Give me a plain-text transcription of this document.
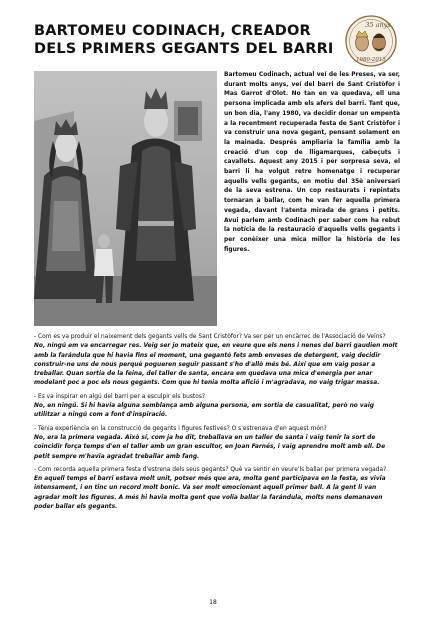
BARTOMEU CODINACH, CREADOR
DELS PRIMERS GEGANTS DEL BARRI
35 anys
1980-2015
Bartomeu Codinach, actual veí de les Preses, va ser, durant molts anys, veí del barri de Sant Cristòfor i Mas Garrot d'Olot. No tan en va quedava, ell una persona implicada amb els afers del barri. Tant que, un bon dia, l'any 1980, va decidir donar un empenta a la recentment recuperada festa de Sant Cristòfor i va construir una nova gegant, pensant solament en la mainada. Després ampliaria la família amb la creació d'un cop de lligamarques, cabeçuts i cavallets. Aquest any 2015 i per sorpresa seva, el barri li ha volgut retre homenatge i recuperar aquells vells gegants, en motiu del 35è aniversari de la seva estrena. Un cop restaurats i repintats tornaran a ballar, com he van fer aquella primera vegada, davant l'atenta mirada de grans i petits. Avui parlem amb Codinach per saber com ha rebut la notícia de la restauració d'aquells vells gegants i per conèixer una mica millor la història de les figures.

- Com es va produir el naixement dels gegants vells de Sant Cristòfor? Va ser per un encàrrec de l'Associació de Veïns?

No, ningú em va encarregar res. Veig ser jo mateix que, en veure que els nens i nenes del barri gaudien molt amb la farándula que hi havia fins el moment, una gegantó fets amb enveses de detergent, vaig decidir construir-ne uns de nous perquè pogueren seguir passant s'ho d'allò més bé. Així que em vaig posar a treballar. Quan sortia de la feina, del taller de santa, encara em quedava una mica d'energia per anar modelant poc a poc els nous gegants. Com que hi tenia molta afició i m'agradava, no vaig trigar massa.

- Es va inspirar en algú del barri per a esculpir els bustos?

No, en ningú. Si hi havia alguna semblança amb alguna persona, em sortia de casualitat, però no vaig utilitzar a ningú com a font d'inspiració.

- Tenia experiència en la construcció de gegants i figures festives? O s'estrenava d'en aquest món?

No, era la primera vegada. Això sí, com ja he dit, treballava en un taller de santa i vaig tenir la sort de coincidir força temps d'en el taller amb un gran escultor, en Joan Farnés, i vaig aprendre molt amb ell. De petit sempre m'havia agradat treballar amb fang.

- Com recorda aquella primera festa d'estrena dels seus gegants? Què va sentir en veure'ls ballar per primera vegada?

En aquell temps el barri estava molt unit, potser més que ara, molta gent participava en la festa, es vivia intensament, i en tinc un record molt bonic. Va ser molt emocionant aquell primer ball. A la gent li van agradar molt les figures. A més hi havia molta gent que volia ballar la farándula, molts nens demanaven poder ballar els gegants.

18
